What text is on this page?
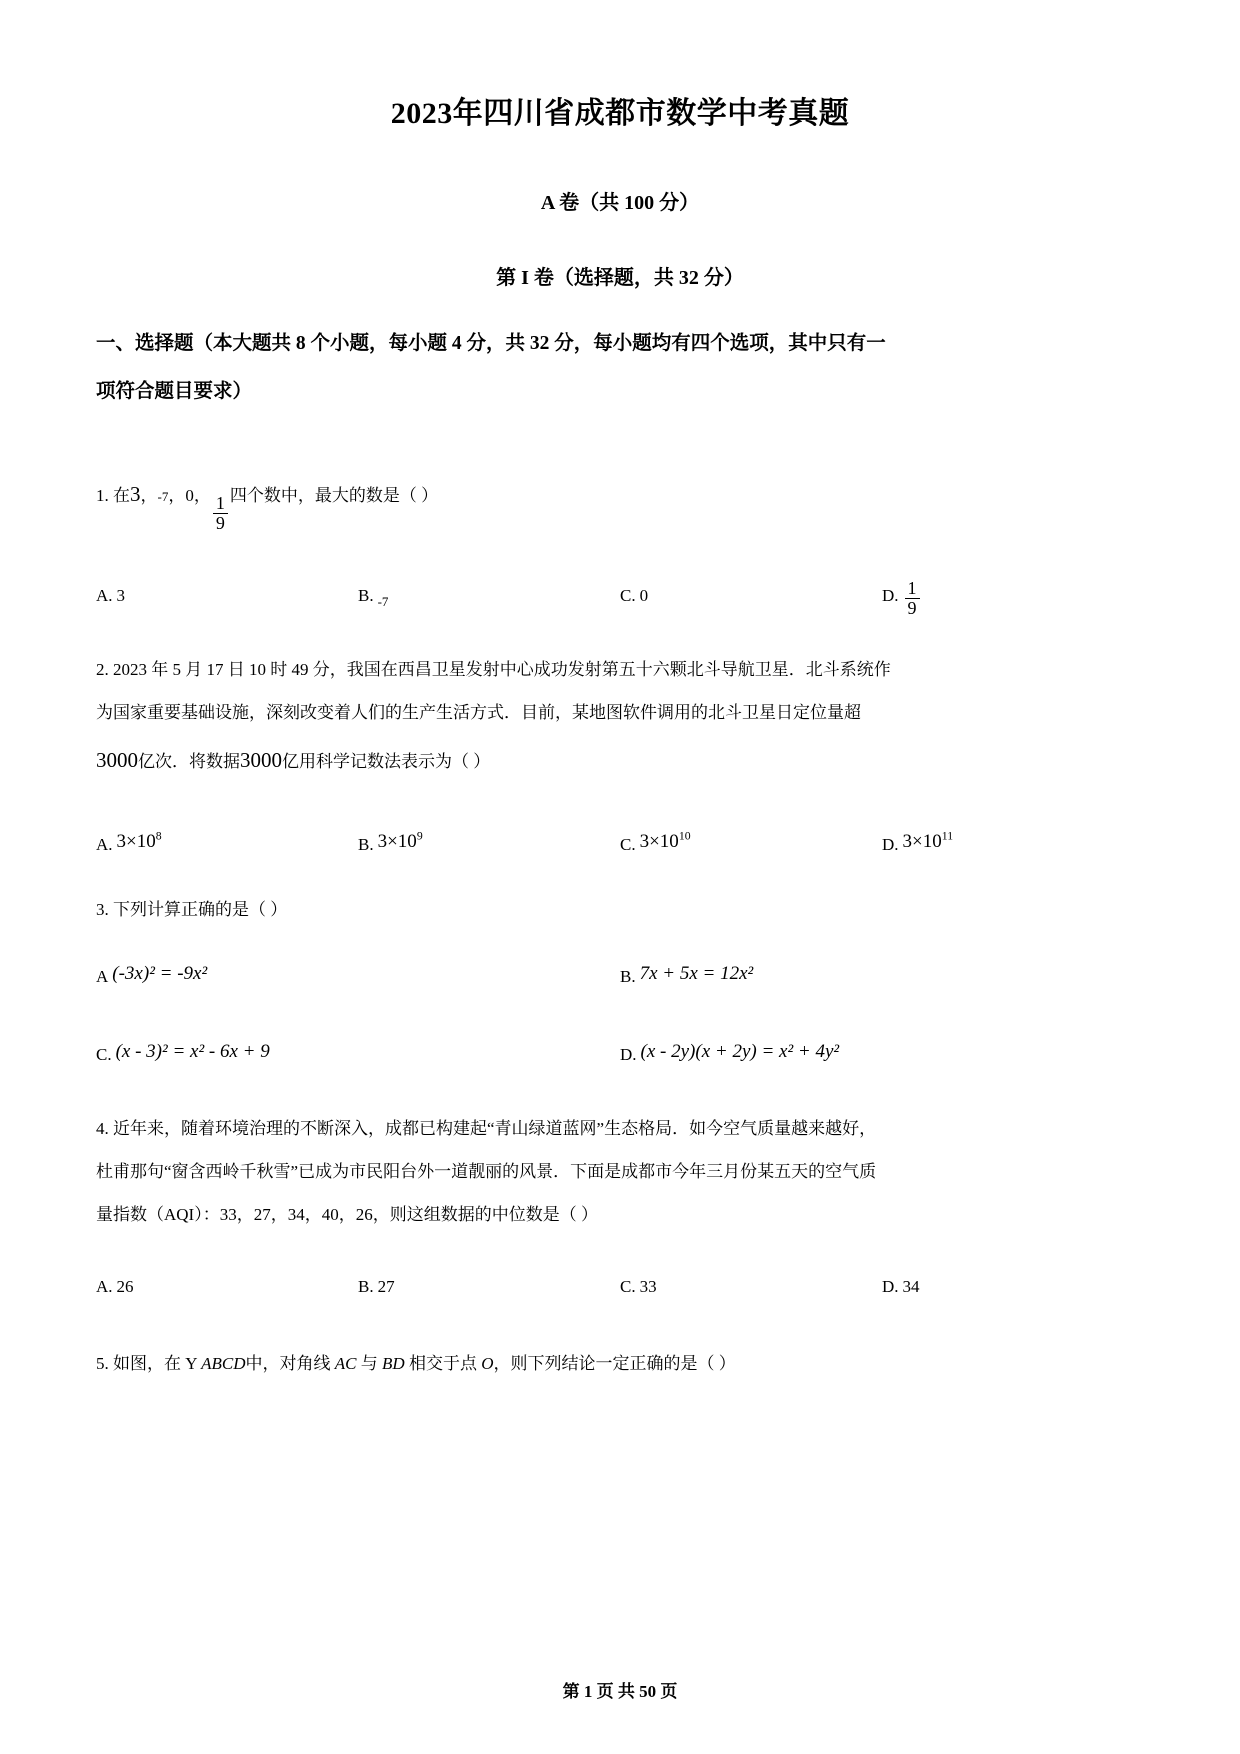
2023年四川省成都市数学中考真题
A 卷（共 100 分）
第 I 卷（选择题，共 32 分）
一、选择题（本大题共 8 个小题，每小题 4 分，共 32 分，每小题均有四个选项，其中只有一
项符合题目要求）
1. 在3，-7，0， $\frac{1}{9}$ 四个数中，最大的数是（ ）
A. 3	B. -7	C. 0	D. $\frac{1}{9}$
2. 2023 年 5 月 17 日 10 时 49 分，我国在西昌卫星发射中心成功发射第五十六颗北斗导航卫星．北斗系统作
为国家重要基础设施，深刻改变着人们的生产生活方式．目前，某地图软件调用的北斗卫星日定位量超
3000亿次．将数据3000亿用科学记数法表示为（ ）
A. $3\times 10^8$	B. $3\times 10^9$	C. $3\times 10^{10}$	D. $3\times 10^{11}$
3. 下列计算正确的是（ ）
A (-3x)² = -9x²	B. 7x + 5x = 12x²
C. (x - 3)² = x² - 6x + 9	D. (x - 2y)(x + 2y) = x² + 4y²
4. 近年来，随着环境治理的不断深入，成都已构建起“青山绿道蓝网”生态格局．如今空气质量越来越好，
杜甫那句“窗含西岭千秋雪”已成为市民阳台外一道靓丽的风景．下面是成都市今年三月份某五天的空气质
量指数（AQI）：33，27，34，40，26，则这组数据的中位数是（ ）
A. 26	B. 27	C. 33	D. 34
5. 如图，在 Y ABCD中，对角线 AC 与 BD 相交于点 O，则下列结论一定正确的是（ ）
第 1 页 共 50 页
